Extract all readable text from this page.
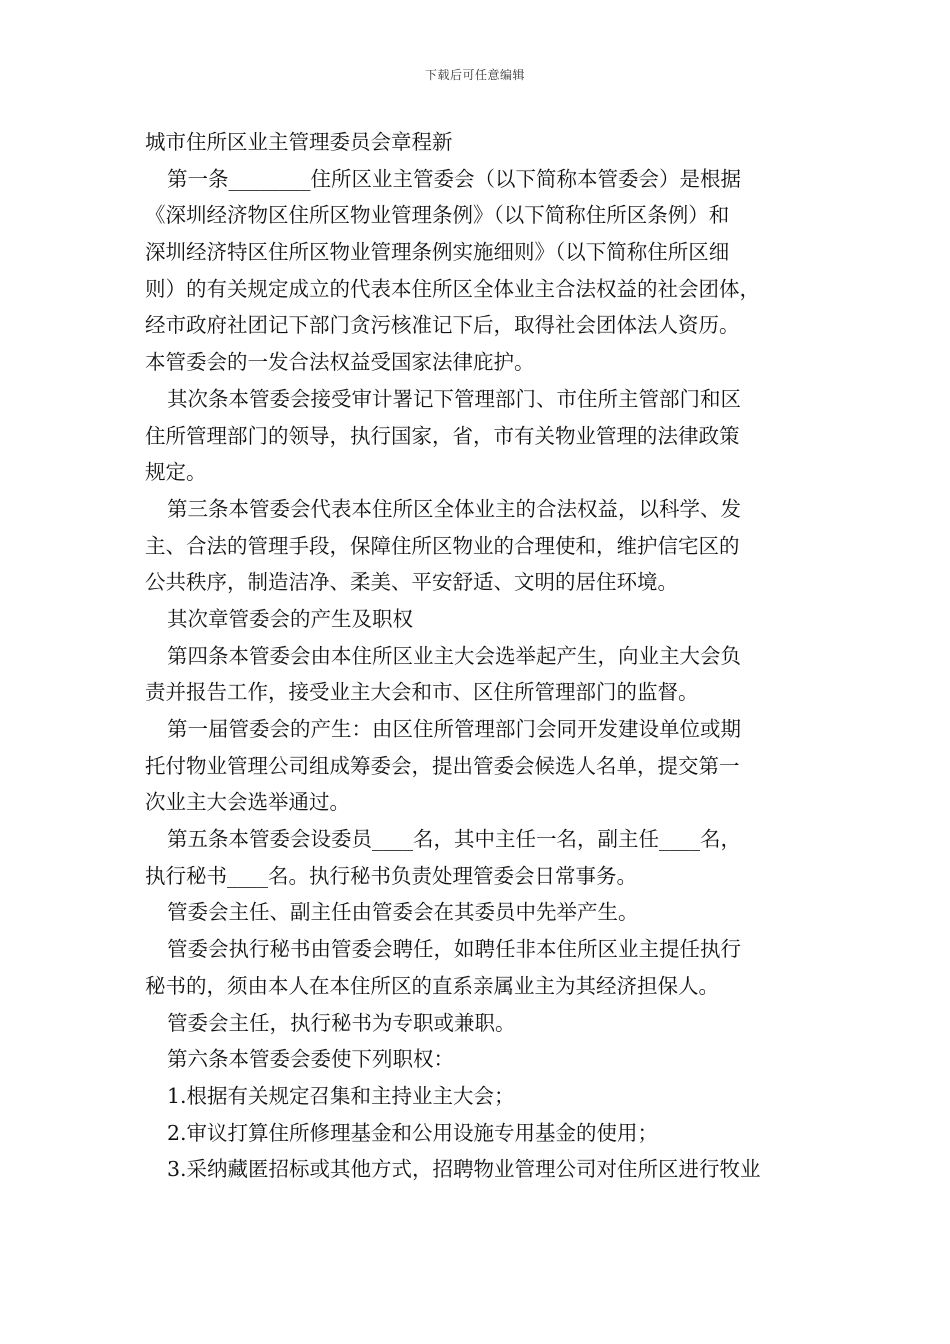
下载后可任意编辑
城市住所区业主管理委员会章程新
第一条________住所区业主管委会（以下简称本管委会）是根据
《深圳经济物区住所区物业管理条例》（以下简称住所区条例）和
深圳经济特区住所区物业管理条例实施细则》（以下简称住所区细
则）的有关规定成立的代表本住所区全体业主合法权益的社会团体，
经市政府社团记下部门贪污核准记下后，取得社会团体法人资历。
本管委会的一发合法权益受国家法律庇护。
其次条本管委会接受审计署记下管理部门、市住所主管部门和区
住所管理部门的领导，执行国家，省，市有关物业管理的法律政策
规定。
第三条本管委会代表本住所区全体业主的合法权益，以科学、发
主、合法的管理手段，保障住所区物业的合理使和，维护信宅区的
公共秩序，制造洁净、柔美、平安舒适、文明的居住环境。
其次章管委会的产生及职权
第四条本管委会由本住所区业主大会选举起产生，向业主大会负
责并报告工作，接受业主大会和市、区住所管理部门的监督。
第一届管委会的产生：由区住所管理部门会同开发建设单位或期
托付物业管理公司组成筹委会，提出管委会候选人名单，提交第一
次业主大会选举通过。
第五条本管委会设委员____名，其中主任一名，副主任____名，
执行秘书____名。执行秘书负责处理管委会日常事务。
管委会主任、副主任由管委会在其委员中先举产生。
管委会执行秘书由管委会聘任，如聘任非本住所区业主提任执行
秘书的，须由本人在本住所区的直系亲属业主为其经济担保人。
管委会主任，执行秘书为专职或兼职。
第六条本管委会委使下列职权：
1.根据有关规定召集和主持业主大会；
2.审议打算住所修理基金和公用设施专用基金的使用；
3.采纳藏匿招标或其他方式，招聘物业管理公司对住所区进行牧业
